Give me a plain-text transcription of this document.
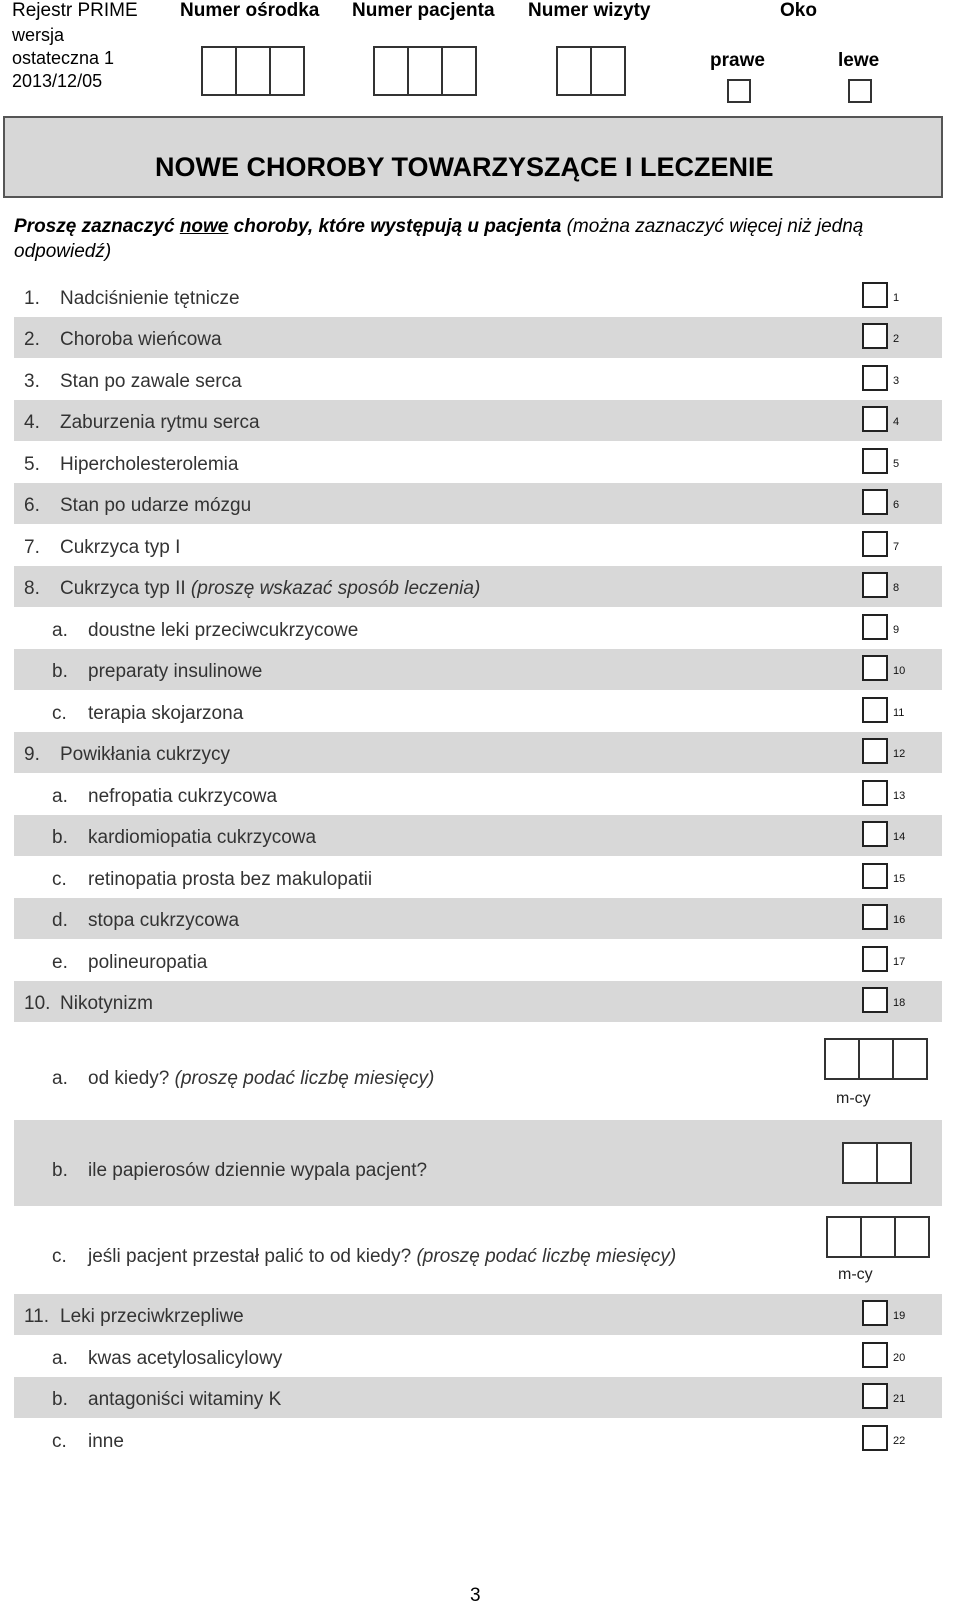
Rejestr PRIME Numer ośrodka Numer pacjenta Numer wizyty	Oko
wersja
ostateczna 1
2013/12/05
prawe	lewe
NOWE CHOROBY TOWARZYSZĄCE I LECZENIE
Proszę zaznaczyć nowe choroby, które występują u pacjenta (można zaznaczyć więcej niż jedną odpowiedź)
1. Nadciśnienie tętnicze	1
2. Choroba wieńcowa	2
3. Stan po zawale serca	3
4. Zaburzenia rytmu serca	4
5. Hipercholesterolemia	5
6. Stan po udarze mózgu	6
7. Cukrzyca typ I	7
8. Cukrzyca typ II (proszę wskazać sposób leczenia)	8
a. doustne leki przeciwcukrzycowe	9
b. preparaty insulinowe	10
c. terapia skojarzona	11
9. Powikłania cukrzycy	12
a. nefropatia cukrzycowa	13
b. kardiomiopatia cukrzycowa	14
c. retinopatia prosta bez makulopatii	15
d. stopa cukrzycowa	16
e. polineuropatia	17
10. Nikotynizm	18
a. od kiedy? (proszę podać liczbę miesięcy)
m-cy
b. ile papierosów dziennie wypala pacjent?
c. jeśli pacjent przestał palić to od kiedy? (proszę podać liczbę miesięcy)
m-cy
11. Leki przeciwkrzepliwe	19
a. kwas acetylosalicylowy	20
b. antagoniści witaminy K	21
c. inne	22
3
